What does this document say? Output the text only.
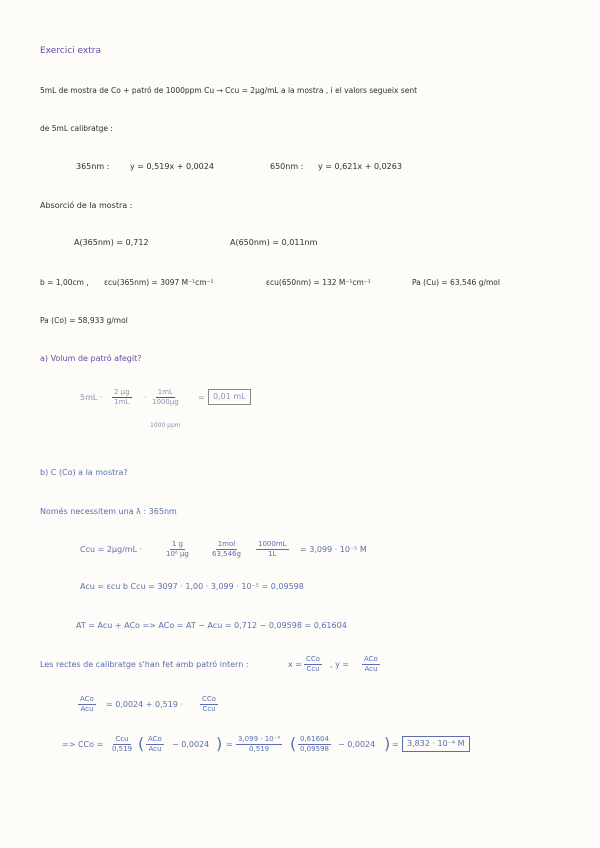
Exercici extra
5mL de mostra de Co + patró de 1000ppm Cu → Ccu = 2µg/mL a la mostra , i el valors segueix sent
de 5mL calibratge :
365nm :	y = 0,519x + 0,0024	650nm : y = 0,621x + 0,0263
Absorció de la mostra :
A(365nm) = 0,712	A(650nm) = 0,011nm
b = 1,00cm , εcu(365nm) = 3097 M⁻¹cm⁻¹	εcu(650nm) = 132 M⁻¹cm⁻¹	Pa (Cu) = 63,546 g/mol
Pa (Co) = 58,933 g/mol
a) Volum de patró afegit?
5mL ·
2 µg
1mL ·
1mL
1000µg =	0,01 mL
1000 ppm
b) C (Co) a la mostra?
Només necessitem una λ : 365nm
Ccu = 2µg/mL ·
1 g
10⁶ µg
1mol
$63,546g \frac{1000mL}{1L} = 3,099 \cdot 10^{-5}$ M
Acu = εcu b Ccu = 3097 · 1,00 · 3,099 · 10⁻⁵ = 0,09598
AT = Acu + ACo => ACo = AT − Acu = 0,712 − 0,09598 = 0,61604
Les rectes de calibratge s'han fet amb patró intern :	x =
CCo
Ccu , y =
ACo
Acu
ACo
Acu = 0,0024 + 0,519 ·
CCo
Ccu
=> CCo =
Ccu
0,519 ( ACo
Acu − 0,0024 ) = $\frac{\text{3,099 · 10⁻⁵}}{0,519}$ ( $\frac{0,61604}{0,09598} - 0,0024$ ) =	3,832 · 10⁻⁴ M
